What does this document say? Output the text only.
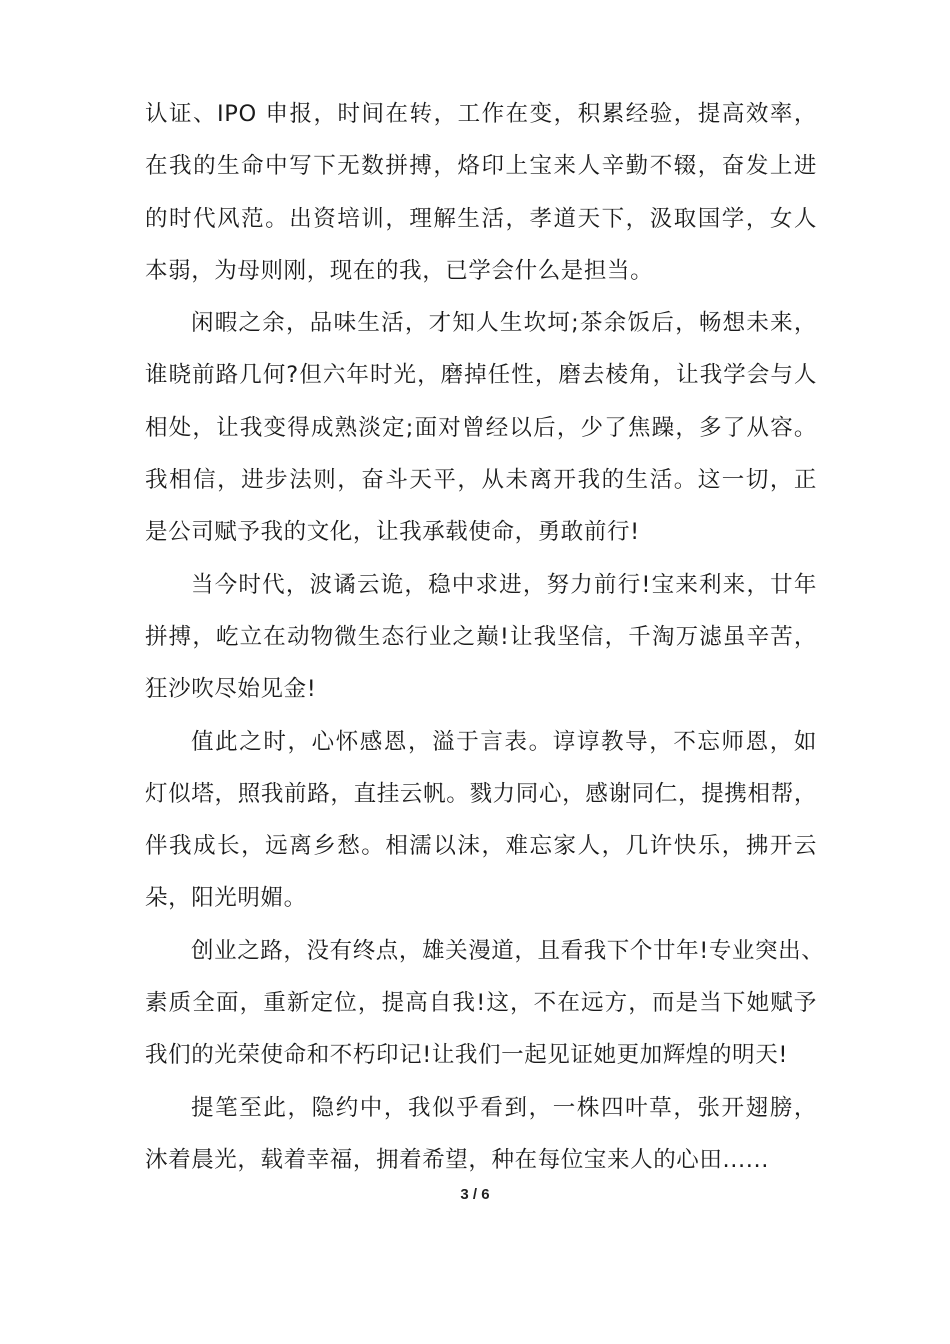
认证、IPO 申报，时间在转，工作在变，积累经验，提高效率，
在我的生命中写下无数拼搏，烙印上宝来人辛勤不辍，奋发上进
的时代风范。出资培训，理解生活，孝道天下，汲取国学，女人
本弱，为母则刚，现在的我，已学会什么是担当。
闲暇之余，品味生活，才知人生坎坷;茶余饭后，畅想未来，
谁晓前路几何?但六年时光，磨掉任性，磨去棱角，让我学会与人
相处，让我变得成熟淡定;面对曾经以后，少了焦躁，多了从容。
我相信，进步法则，奋斗天平，从未离开我的生活。这一切，正
是公司赋予我的文化，让我承载使命，勇敢前行!
当今时代，波谲云诡，稳中求进，努力前行!宝来利来，廿年
拼搏，屹立在动物微生态行业之巅!让我坚信，千淘万滤虽辛苦，
狂沙吹尽始见金!
值此之时，心怀感恩，溢于言表。谆谆教导，不忘师恩，如
灯似塔，照我前路，直挂云帆。戮力同心，感谢同仁，提携相帮，
伴我成长，远离乡愁。相濡以沫，难忘家人，几许快乐，拂开云
朵，阳光明媚。
创业之路，没有终点，雄关漫道，且看我下个廿年!专业突出、
素质全面，重新定位，提高自我!这，不在远方，而是当下她赋予
我们的光荣使命和不朽印记!让我们一起见证她更加辉煌的明天!
提笔至此，隐约中，我似乎看到，一株四叶草，张开翅膀，
沐着晨光，载着幸福，拥着希望，种在每位宝来人的心田......
3 / 6
